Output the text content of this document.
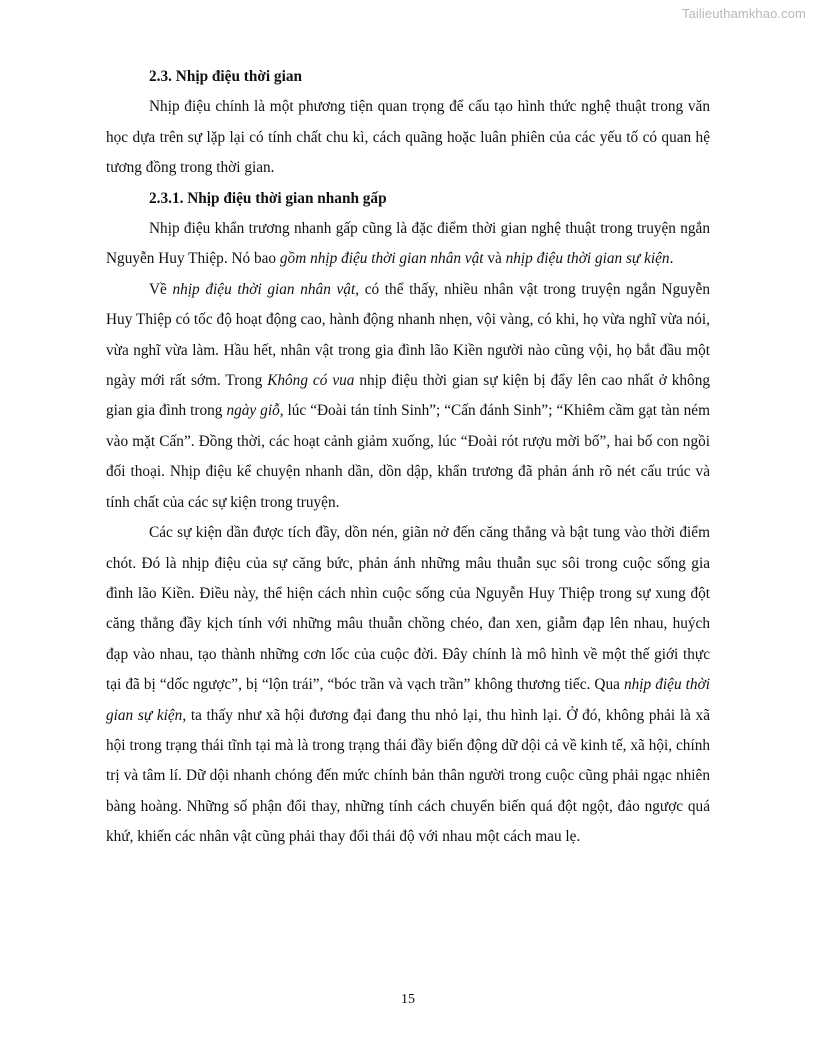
Tailieuthamkhao.com

2.3. Nhịp điệu thời gian

Nhịp điệu chính là một phương tiện quan trọng để cấu tạo hình thức nghệ thuật trong văn học dựa trên sự lặp lại có tính chất chu kì, cách quãng hoặc luân phiên của các yếu tố có quan hệ tương đồng trong thời gian.

2.3.1. Nhịp điệu thời gian nhanh gấp

Nhịp điệu khẩn trương nhanh gấp cũng là đặc điểm thời gian nghệ thuật trong truyện ngắn Nguyễn Huy Thiệp. Nó bao gồm nhịp điệu thời gian nhân vật và nhịp điệu thời gian sự kiện.

Về nhịp điệu thời gian nhân vật, có thể thấy, nhiều nhân vật trong truyện ngắn Nguyễn Huy Thiệp có tốc độ hoạt động cao, hành động nhanh nhẹn, vội vàng, có khi, họ vừa nghĩ vừa nói, vừa nghĩ vừa làm. Hầu hết, nhân vật trong gia đình lão Kiền người nào cũng vội, họ bắt đầu một ngày mới rất sớm. Trong Không có vua nhịp điệu thời gian sự kiện bị đẩy lên cao nhất ở không gian gia đình trong ngày giỗ, lúc “Đoài tán tỉnh Sinh”; “Cấn đánh Sinh”; “Khiêm cầm gạt tàn ném vào mặt Cấn”. Đồng thời, các hoạt cảnh giảm xuống, lúc “Đoài rót rượu mời bố”, hai bố con ngồi đối thoại. Nhịp điệu kể chuyện nhanh dần, dồn dập, khẩn trương đã phản ánh rõ nét cấu trúc và tính chất của các sự kiện trong truyện.

Các sự kiện dần được tích đầy, dồn nén, giãn nở đến căng thẳng và bật tung vào thời điểm chót. Đó là nhịp điệu của sự căng bức, phản ánh những mâu thuẫn sục sôi trong cuộc sống gia đình lão Kiền. Điều này, thể hiện cách nhìn cuộc sống của Nguyễn Huy Thiệp trong sự xung đột căng thẳng đầy kịch tính với những mâu thuẫn chồng chéo, đan xen, giẫm đạp lên nhau, huých đạp vào nhau, tạo thành những cơn lốc của cuộc đời. Đây chính là mô hình về một thế giới thực tại đã bị “dốc ngược”, bị “lộn trái”, “bóc trần và vạch trần” không thương tiếc. Qua nhịp điệu thời gian sự kiện, ta thấy như xã hội đương đại đang thu nhỏ lại, thu hình lại. Ở đó, không phải là xã hội trong trạng thái tĩnh tại mà là trong trạng thái đầy biến động dữ dội cả về kinh tế, xã hội, chính trị và tâm lí. Dữ dội nhanh chóng đến mức chính bản thân người trong cuộc cũng phải ngạc nhiên bàng hoàng. Những số phận đổi thay, những tính cách chuyển biến quá đột ngột, đảo ngược quá khứ, khiến các nhân vật cũng phải thay đổi thái độ với nhau một cách mau lẹ.

15
